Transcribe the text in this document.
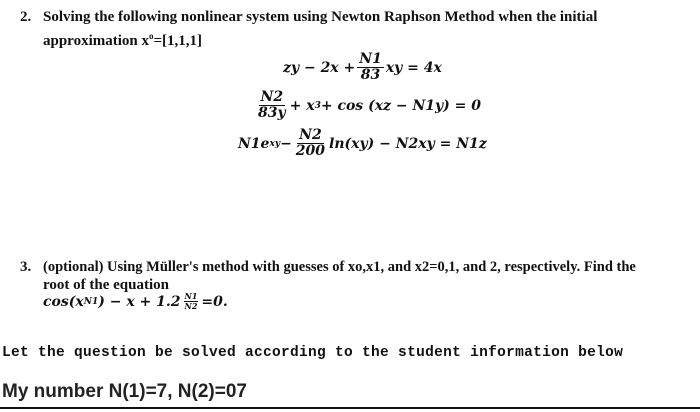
2. Solving the following nonlinear system using Newton Raphson Method when the initial
approximation $x^o=[1,1,1]$
zy − $2x + \frac{N1}{83}$ xy = 4x
$\frac{N2}{83y} + x$ 3 + cos (xz − N1y) = 0
N1e xy − $\frac{N2}{200} \ln(xy) - N2xy = N1z$
3. (optional) Using Müller's method with guesses of xo,x1, and x2=0,1, and 2, respectively. Find the
root of the equation
cos(x N1 ) − $x + 1.2 \frac{N1}{N2} =0$.
Let the question be solved according to the student information below
My number N(1)=7, N(2)=07
